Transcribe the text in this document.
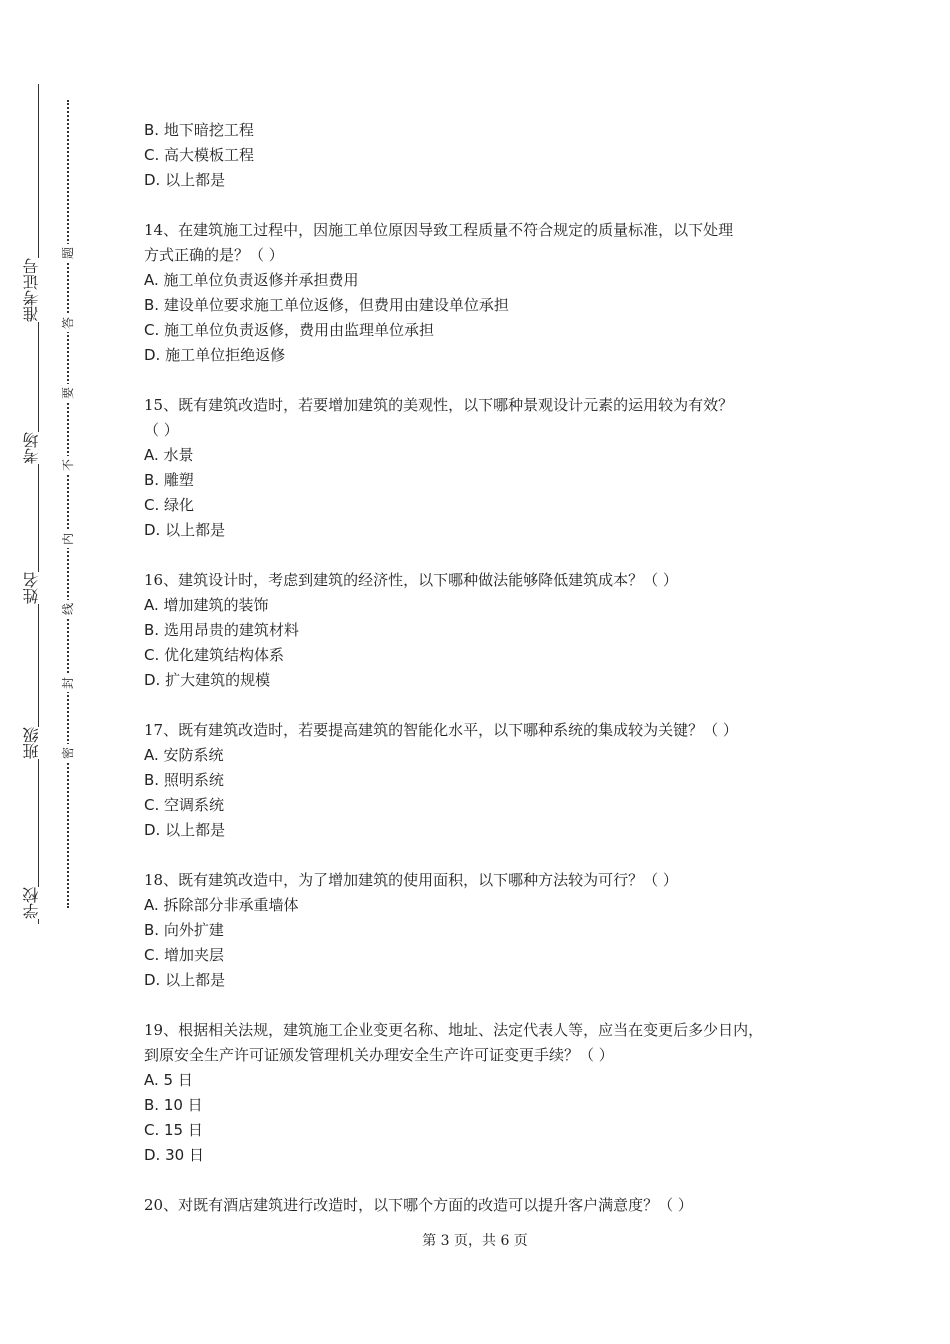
准考证号
考场
姓名
班级
学校
题
答
要
不
内
线
封
密
B. 地下暗挖工程
C. 高大模板工程
D. 以上都是
14、在建筑施工过程中，因施工单位原因导致工程质量不符合规定的质量标准，以下处理
方式正确的是？（ ）
A. 施工单位负责返修并承担费用
B. 建设单位要求施工单位返修，但费用由建设单位承担
C. 施工单位负责返修，费用由监理单位承担
D. 施工单位拒绝返修
15、既有建筑改造时，若要增加建筑的美观性，以下哪种景观设计元素的运用较为有效？
（ ）
A. 水景
B. 雕塑
C. 绿化
D. 以上都是
16、建筑设计时，考虑到建筑的经济性，以下哪种做法能够降低建筑成本？（ ）
A. 增加建筑的装饰
B. 选用昂贵的建筑材料
C. 优化建筑结构体系
D. 扩大建筑的规模
17、既有建筑改造时，若要提高建筑的智能化水平，以下哪种系统的集成较为关键？（ ）
A. 安防系统
B. 照明系统
C. 空调系统
D. 以上都是
18、既有建筑改造中，为了增加建筑的使用面积，以下哪种方法较为可行？（ ）
A. 拆除部分非承重墙体
B. 向外扩建
C. 增加夹层
D. 以上都是
19、根据相关法规，建筑施工企业变更名称、地址、法定代表人等，应当在变更后多少日内，
到原安全生产许可证颁发管理机关办理安全生产许可证变更手续？（ ）
A. 5 日
B. 10 日
C. 15 日
D. 30 日
20、对既有酒店建筑进行改造时，以下哪个方面的改造可以提升客户满意度？（ ）
第 3 页，共 6 页
